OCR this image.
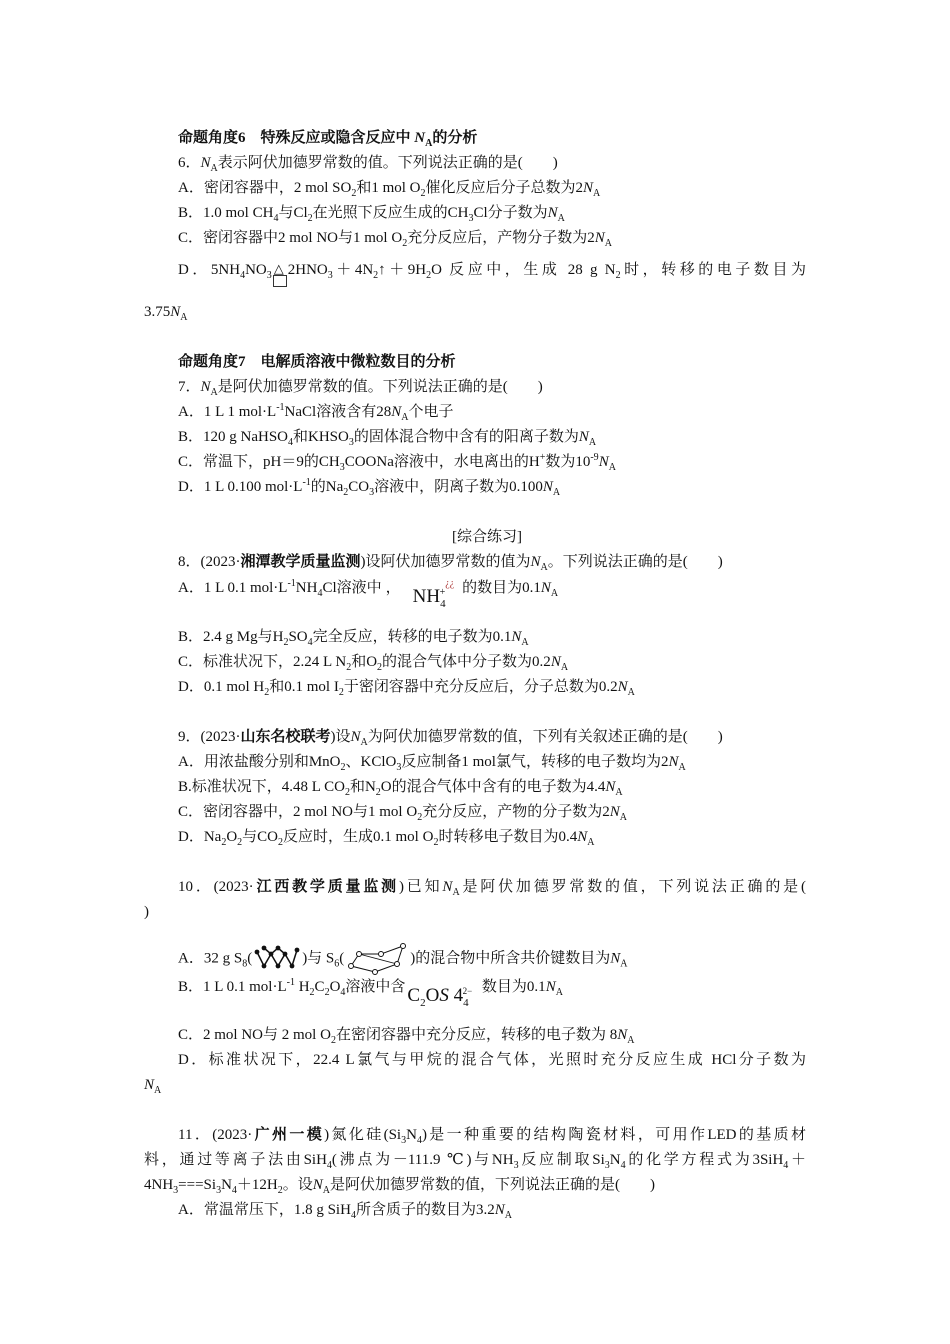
命题角度6　特殊反应或隐含反应中 $N_A$的分析
6．$N_A$表示阿伏加德罗常数的值。下列说法正确的是(　　)
A．密闭容器中，2 mol $SO_2$和1 mol $O_2$催化反应后分子总数为$2N_A$
B．1.0 mol $CH_4$与$Cl_2$在光照下反应生成的$CH_3Cl$分子数为$N_A$
C．密闭容器中2 mol NO与1 mol $O_2$充分反应后，产物分子数为$2N_A$
D．$5NH_4NO_3$ △ $2HNO_3+4N_2↑+9H_2O$ 反应中，生成 28 g $N_2$时，转移的电子数目为
$3.75N_A$
命题角度7　电解质溶液中微粒数目的分析
7．$N_A$是阿伏加德罗常数的值。下列说法正确的是(　　)
A．1 L 1 $mol\cdot L^{-1}NaCl$溶液含有$28N_A$个电子
B．120 g NaHSO$_4$和$KHSO_3$的固体混合物中含有的阳离子数为$N_A$
C．常温下，pH＝9的$CH_3COONa$溶液中，水电离出的H+数为$10^{-9}N_A$
D．1 L 0.100 $mol\cdot L^{-1}$的$Na_2CO_3$溶液中，阴离子数为$0.100N_A$
[综合练习]
8．(2023·湘潭教学质量监测)设阿伏加德罗常数的值为$N_A$。下列说法正确的是(　　)
A．1 L 0.1 $mol\cdot L^{-1}NH_4Cl$溶液中 ， $NH_4^{+¿¿}$ 的数目为$0.1N_A$
B．2.4 g Mg与$H_2SO_4$完全反应，转移的电子数为$0.1N_A$
C．标准状况下，2.24 L $N_2$和$O_2$的混合气体中分子数为$0.2N_A$
D．0.1 mol $H_2$和0.1 mol $I_2$于密闭容器中充分反应后，分子总数为$0.2N_A$
9．(2023·山东名校联考)设$N_A$为阿伏加德罗常数的值，下列有关叙述正确的是(　　)
A．用浓盐酸分别和MnO$_2$、KClO$_3$反应制备1 mol氯气，转移的电子数均为$2N_A$
B.标准状况下，4.48 L $CO_2$和$N_2O$的混合气体中含有的电子数为$4.4N_A$
C．密闭容器中，2 mol NO与1 mol $O_2$充分反应，产物的分子数为$2N_A$
D．$Na_2O_2$与$CO_2$反应时，生成0.1 mol $O_2$时转移电子数目为$0.4N_A$
10．(2023·江西教学质量监测)已知$N_A$是阿伏加德罗常数的值，下列说法正确的是(
)
A．32 g $S_8$(	)与 $S_6$(	)的混合物中所含共价键数目为$N_A$
B．1 L 0.1 $mol\cdot L^{-1}$ $H_2C_2O_4$溶液中含 $C_2OS$ $4_4^{2-}$ 数目为$0.1N_A$
C．2 mol NO与 2 mol $O_2$在密闭容器中充分反应，转移的电子数为 $8N_A$
D．标准状况下，22.4 L氯气与甲烷的混合气体，光照时充分反应生成 HCl分子数为
$N_A$
11．(2023·广州一模)氮化硅$(Si_3N_4)$是一种重要的结构陶瓷材料，可用作LED的基质材
料，通过等离子法由SiH$_4$(沸点为－111.9 ℃)与$NH_3$反应制取$Si_3N_4$的化学方程式为3SiH$_4$＋
$4NH_3===Si_3N_4+12H_2$。设$N_A$是阿伏加德罗常数的值，下列说法正确的是(　　)
A．常温常压下，1.8 g SiH$_4$所含质子的数目为$3.2N_A$
